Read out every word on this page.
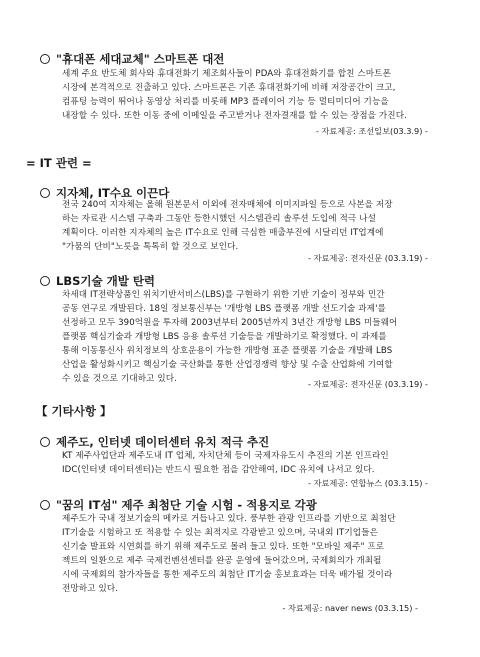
"휴대폰 세대교체" 스마트폰 대전
세계 주요 반도체 회사와 휴대전화기 제조회사들이 PDA와 휴대전화기를 합친 스마트폰
시장에 본격적으로 진출하고 있다. 스마트폰은 기존 휴대전화기에 비해 저장공간이 크고,
컴퓨팅 능력이 뛰어나 동영상 처리를 비롯해 MP3 플레이어 기능 등 멀티미디어 기능을
내장할 수 있다. 또한 이동 중에 이메일을 주고받거나 전자결재를 할 수 있는 장점을 가진다.
- 자료제공: 조선일보(03.3.9) -
= IT 관련 =
지자체, IT수요 이끈다
전국 240여 지자체는 올해 원본문서 이외에 전자매체에 이미지파일 등으로 사본을 저장
하는 자료관 시스템 구축과 그동안 등한시했던 시스템관리 솔루션 도입에 적극 나설
계획이다. 이러한 지자체의 높은 IT수요로 인해 극심한 매출부진에 시달리던 IT업계에
"가뭄의 단비"노릇을 톡톡히 할 것으로 보인다.
- 자료제공: 전자신문 (03.3.19) -
LBS기술 개발 탄력
차세대 IT전략상품인 위치기반서비스(LBS)를 구현하기 위한 기반 기술이 정부와 민간
공동 연구로 개발된다. 18일 정보통신부는 '개방형 LBS 플랫폼 개발 선도기술 과제'를
선정하고 모두 390억원을 투자해 2003년부터 2005년까지 3년간 개방형 LBS 미들웨어
플랫폼 핵심기술과 개방형 LBS 응용 솔루션 기술등을 개발하기로 확정했다. 이 과제를
통해 이동통신사 위치정보의 상호운용이 가능한 개방형 표준 플랫폼 기술을 개발해 LBS
산업을 활성화시키고 핵심기술 국산화를 통한 산업경쟁력 향상 및 수출 산업화에 기여할
수 있을 것으로 기대하고 있다.	- 자료제공: 전자신문 (03.3.19) -
【 기타사항 】
제주도, 인터넷 데이터센터 유치 적극 추진
KT 제주사업단과 제주도내 IT 업체, 자치단체 등이 국제자유도시 추진의 기본 인프라인
IDC(인터넷 데이터센터)는 반드시 필요한 점을 감안해여, IDC 유치에 나서고 있다.
- 자료제공: 연합뉴스 (03.3.15) -
"꿈의 IT섬" 제주 최첨단 기술 시험 - 적용지로 각광
제주도가 국내 정보기술의 메카로 거듭나고 있다. 풍부한 관광 인프라를 기반으로 최첨단
IT기술을 시험하고 또 적용할 수 있는 최적지로 각광받고 있으며, 국내외 IT기업들은
신기술 발표와 시연회를 하기 위해 제주도로 몰려 들고 있다. 또한 "모바일 제주" 프로
젝트의 일환으로 제주 국제컨벤션센터를 완공 운영에 들어갔으며, 국제회의가 개최될
시에 국제회의 참가자들을 통한 제주도의 최첨단 IT기술 홍보효과는 더욱 배가될 것이라
전망하고 있다.
- 자료제공: naver news (03.3.15) -
